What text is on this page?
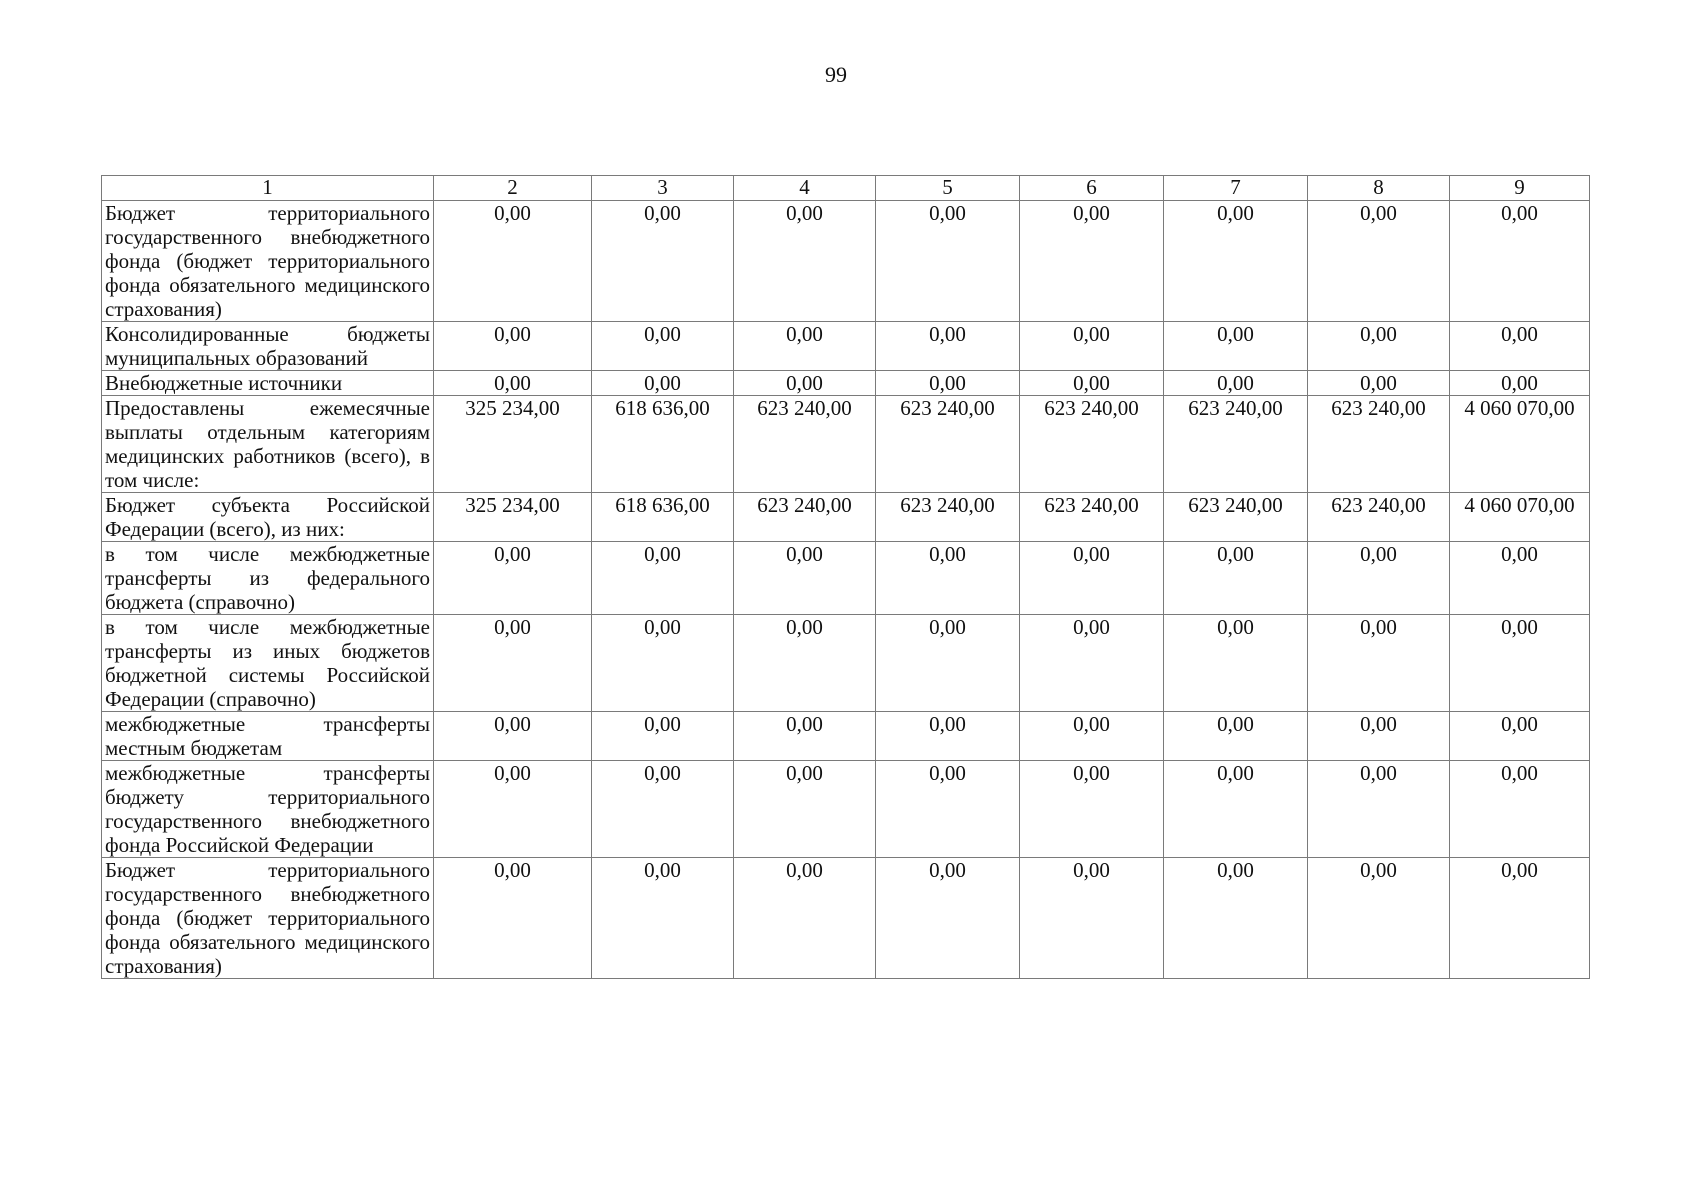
99
1	2	3	4	5	6	7	8	9
Бюджет территориального государственного внебюджетного фонда (бюджет территориального фонда обязательного медицинского страхования)	0,00	0,00	0,00	0,00	0,00	0,00	0,00	0,00
Консолидированные бюджеты муниципальных образований	0,00	0,00	0,00	0,00	0,00	0,00	0,00	0,00
Внебюджетные источники	0,00	0,00	0,00	0,00	0,00	0,00	0,00	0,00
Предоставлены ежемесячные выплаты отдельным категориям медицинских работников (всего), в том числе:	325 234,00	618 636,00	623 240,00	623 240,00	623 240,00	623 240,00	623 240,00	4 060 070,00
Бюджет субъекта Российской Федерации (всего), из них:	325 234,00	618 636,00	623 240,00	623 240,00	623 240,00	623 240,00	623 240,00	4 060 070,00
в том числе межбюджетные трансферты из федерального бюджета (справочно)	0,00	0,00	0,00	0,00	0,00	0,00	0,00	0,00
в том числе межбюджетные трансферты из иных бюджетов бюджетной системы Российской Федерации (справочно)	0,00	0,00	0,00	0,00	0,00	0,00	0,00	0,00
межбюджетные трансферты местным бюджетам	0,00	0,00	0,00	0,00	0,00	0,00	0,00	0,00
межбюджетные трансферты бюджету территориального государственного внебюджетного фонда Российской Федерации	0,00	0,00	0,00	0,00	0,00	0,00	0,00	0,00
Бюджет территориального государственного внебюджетного фонда (бюджет территориального фонда обязательного медицинского страхования)	0,00	0,00	0,00	0,00	0,00	0,00	0,00	0,00
